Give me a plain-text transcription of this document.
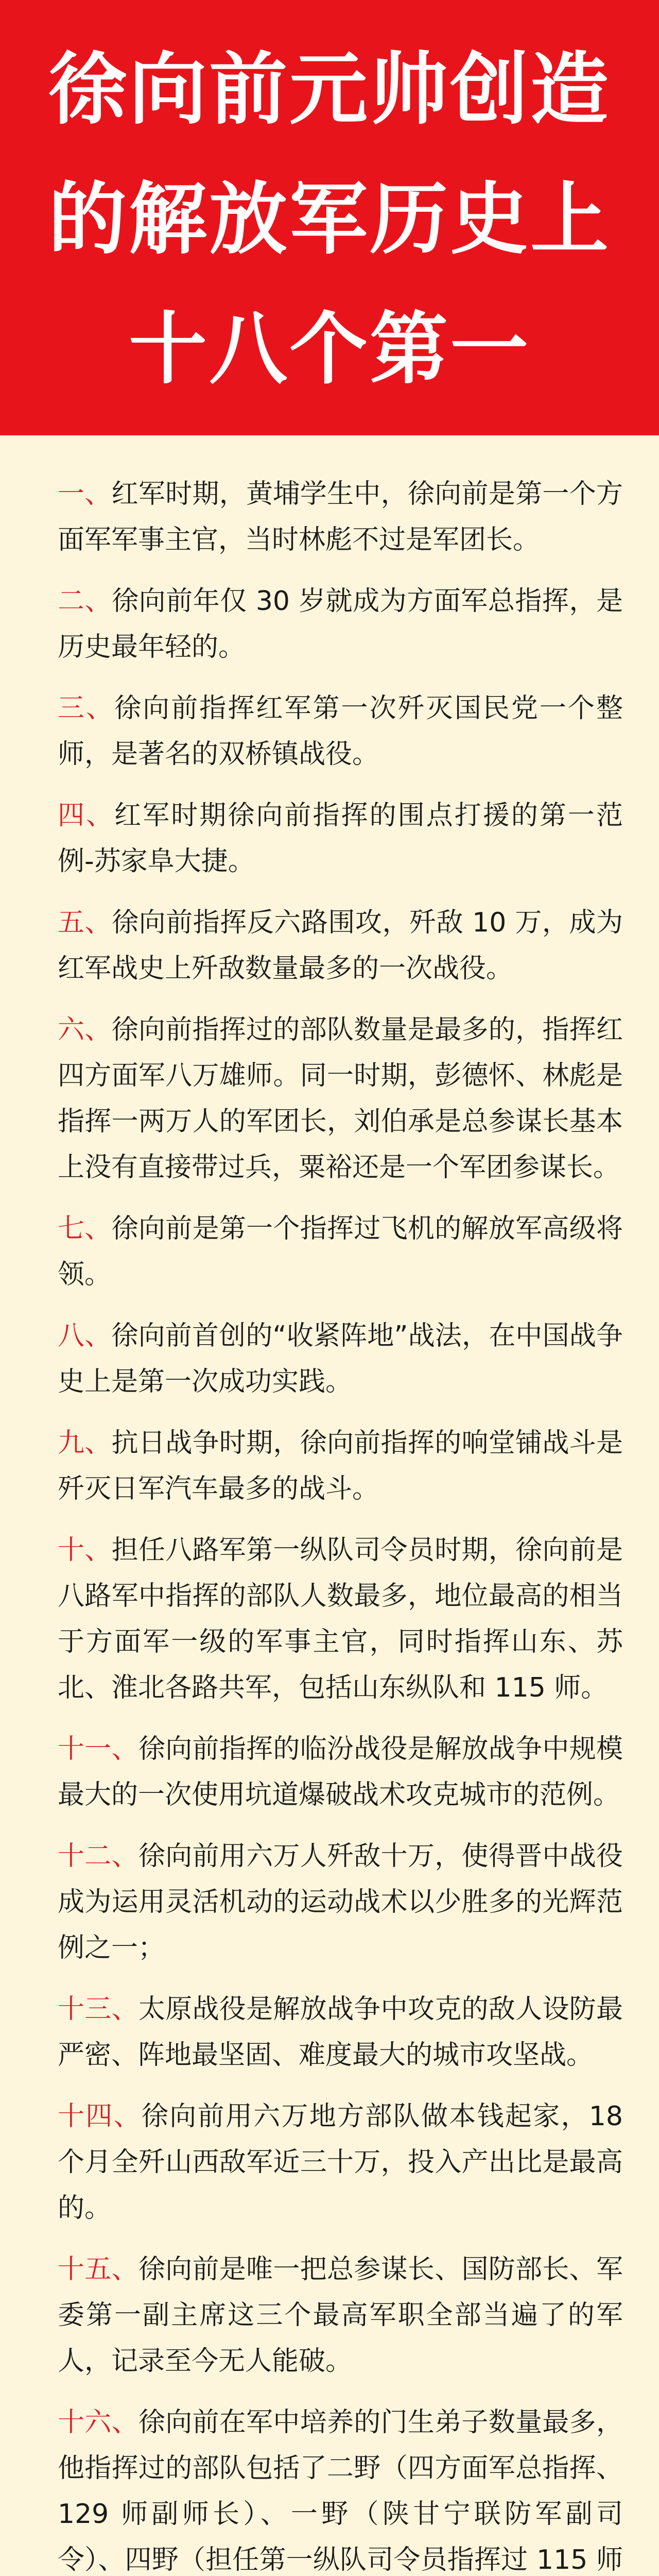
徐向前元帅创造
的解放军历史上
十八个第一

一、红军时期，黄埔学生中，徐向前是第一个方面军军事主官，当时林彪不过是军团长。

二、徐向前年仅 30 岁就成为方面军总指挥，是历史最年轻的。

三、徐向前指挥红军第一次歼灭国民党一个整师，是著名的双桥镇战役。

四、红军时期徐向前指挥的围点打援的第一范例-苏家阜大捷。

五、徐向前指挥反六路围攻，歼敌 10 万，成为红军战史上歼敌数量最多的一次战役。

六、徐向前指挥过的部队数量是最多的，指挥红四方面军八万雄师。同一时期，彭德怀、林彪是指挥一两万人的军团长，刘伯承是总参谋长基本上没有直接带过兵，粟裕还是一个军团参谋长。

七、徐向前是第一个指挥过飞机的解放军高级将领。

八、徐向前首创的“收紧阵地”战法，在中国战争史上是第一次成功实践。

九、抗日战争时期，徐向前指挥的响堂铺战斗是歼灭日军汽车最多的战斗。

十、担任八路军第一纵队司令员时期，徐向前是八路军中指挥的部队人数最多，地位最高的相当于方面军一级的军事主官，同时指挥山东、苏北、淮北各路共军，包括山东纵队和 115 师。

十一、徐向前指挥的临汾战役是解放战争中规模最大的一次使用坑道爆破战术攻克城市的范例。

十二、徐向前用六万人歼敌十万，使得晋中战役成为运用灵活机动的运动战术以少胜多的光辉范例之一；

十三、太原战役是解放战争中攻克的敌人设防最严密、阵地最坚固、难度最大的城市攻坚战。

十四、徐向前用六万地方部队做本钱起家，18 个月全歼山西敌军近三十万，投入产出比是最高的。

十五、徐向前是唯一把总参谋长、国防部长、军委第一副主席这三个最高军职全部当遍了的军人，记录至今无人能破。

十六、徐向前在军中培养的门生弟子数量最多，他指挥过的部队包括了二野（四方面军总指挥、129 师副师长）、一野（陕甘宁联防军副司令）、四野（担任第一纵队司令员指挥过 115 师
